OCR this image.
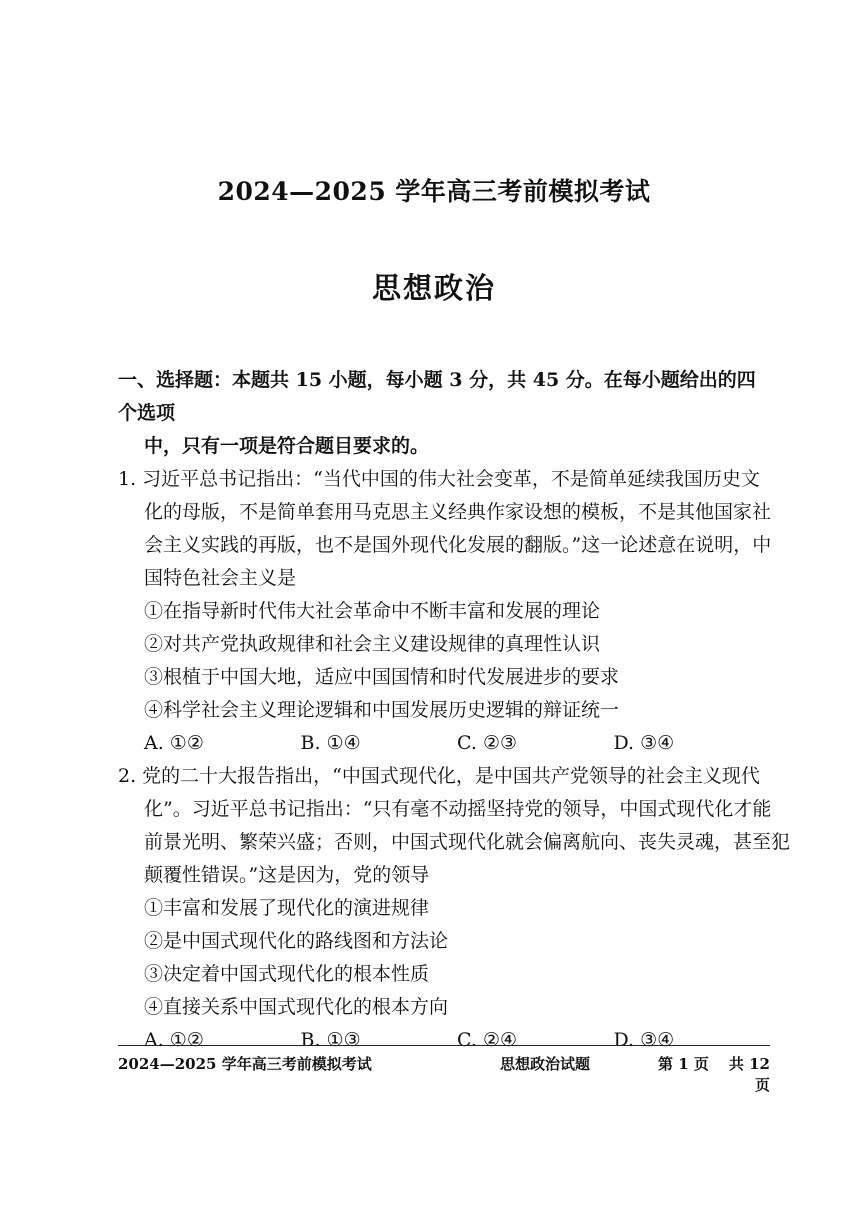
2024—2025 学年高三考前模拟考试
思想政治
一、选择题：本题共 15 小题，每小题 3 分，共 45 分。在每小题给出的四个选项
中，只有一项是符合题目要求的。
1. 习近平总书记指出：“当代中国的伟大社会变革，不是简单延续我国历史文
化的母版，不是简单套用马克思主义经典作家设想的模板，不是其他国家社
会主义实践的再版，也不是国外现代化发展的翻版。”这一论述意在说明，中
国特色社会主义是
①在指导新时代伟大社会革命中不断丰富和发展的理论
②对共产党执政规律和社会主义建设规律的真理性认识
③根植于中国大地，适应中国国情和时代发展进步的要求
④科学社会主义理论逻辑和中国发展历史逻辑的辩证统一
A. ①②	B. ①④	C. ②③	D. ③④
2. 党的二十大报告指出，“中国式现代化，是中国共产党领导的社会主义现代
化”。习近平总书记指出：“只有毫不动摇坚持党的领导，中国式现代化才能
前景光明、繁荣兴盛；否则，中国式现代化就会偏离航向、丧失灵魂，甚至犯
颠覆性错误。”这是因为，党的领导
①丰富和发展了现代化的演进规律
②是中国式现代化的路线图和方法论
③决定着中国式现代化的根本性质
④直接关系中国式现代化的根本方向
A. ①②	B. ①③	C. ②④	D. ③④
2024—2025 学年高三考前模拟考试	思想政治试题	第 1 页 共 12 页
